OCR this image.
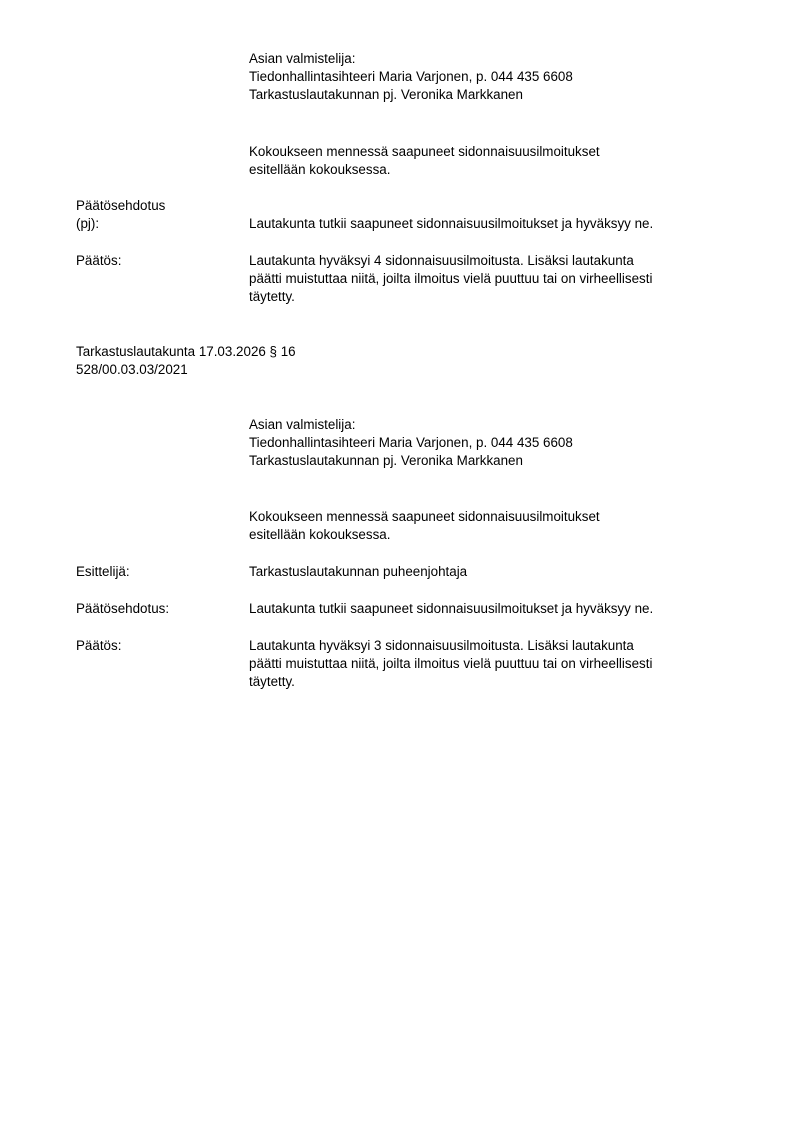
Asian valmistelija:
Tiedonhallintasihteeri Maria Varjonen, p. 044 435 6608
Tarkastuslautakunnan pj. Veronika Markkanen
Kokoukseen mennessä saapuneet sidonnaisuusilmoitukset
esitellään kokouksessa.
Päätösehdotus
(pj):	Lautakunta tutkii saapuneet sidonnaisuusilmoitukset ja hyväksyy ne.
Päätös:	Lautakunta hyväksyi 4 sidonnaisuusilmoitusta. Lisäksi lautakunta
päätti muistuttaa niitä, joilta ilmoitus vielä puuttuu tai on virheellisesti
täytetty.
Tarkastuslautakunta 17.03.2026 § 16
528/00.03.03/2021
Asian valmistelija:
Tiedonhallintasihteeri Maria Varjonen, p. 044 435 6608
Tarkastuslautakunnan pj. Veronika Markkanen
Kokoukseen mennessä saapuneet sidonnaisuusilmoitukset
esitellään kokouksessa.
Esittelijä:	Tarkastuslautakunnan puheenjohtaja
Päätösehdotus:	Lautakunta tutkii saapuneet sidonnaisuusilmoitukset ja hyväksyy ne.
Päätös:	Lautakunta hyväksyi 3 sidonnaisuusilmoitusta. Lisäksi lautakunta
päätti muistuttaa niitä, joilta ilmoitus vielä puuttuu tai on virheellisesti
täytetty.
